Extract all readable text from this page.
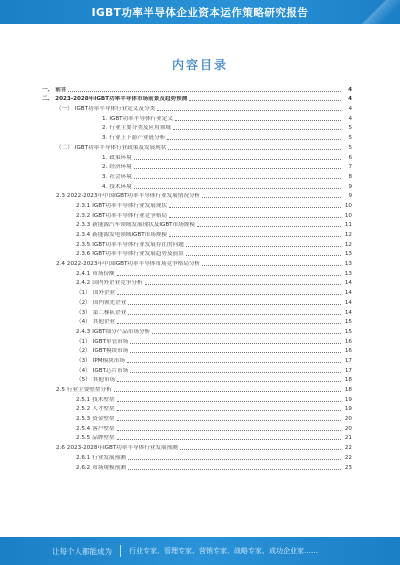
IGBT功率半导体企业资本运作策略研究报告
内容目录
一、 前言	4
二、 2023-2028年IGBT功率半导体市场前景及趋势预测	4
（一） IGBT功率半导体行业定义及分类	4
1. IGBT功率半导体行业定义	4
2. 行业主要分类及应用领域	5
3. 行业上下游产业链分析	5
（二） IGBT功率半导体行业政策及发展现状	5
1. 政策环境	6
2. 经济环境	7
3. 社会环境	8
4. 技术环境	9
2.3 2022-2023年中国IGBT功率半导体行业发展情况分析	9
2.3.1 IGBT功率半导体行业发展现状	10
2.3.2 IGBT功率半导体行业竞争格局	10
2.3.3 新能源汽车领域发展现状及IGBT市场规模	11
2.3.4 新能源发电领域IGBT市场规模	12
2.3.5 IGBT功率半导体行业发展存在的问题	12
2.3.6 IGBT功率半导体行业发展趋势及前景	13
2.4 2022-2023年中国IGBT功率半导体市场竞争格局分析	13
2.4.1 市场份额	13
2.4.2 国内外企业竞争分析	14
（1） 国外企业	14
（2） 国内领先企业	14
（3） 第二梯队企业	14
（4） 其他企业	15
2.4.3 IGBT细分产品市场分析	15
（1） IGBT单管市场	16
（2） IGBT模块市场	16
（3） IPM模块市场	17
（4） IGBT芯片市场	17
（5） 其他市场	18
2.5 行业主要壁垒分析	18
2.5.1 技术壁垒	19
2.5.2 人才壁垒	19
2.5.3 资金壁垒	20
2.5.4 客户壁垒	20
2.5.5 品牌壁垒	21
2.6 2023-2028年IGBT功率半导体行业发展预测	22
2.6.1 行业发展预测	22
2.6.2 市场规模预测	23
让每个人都能成为 行业专家、管理专家、营销专家、战略专家、成功企业家……
